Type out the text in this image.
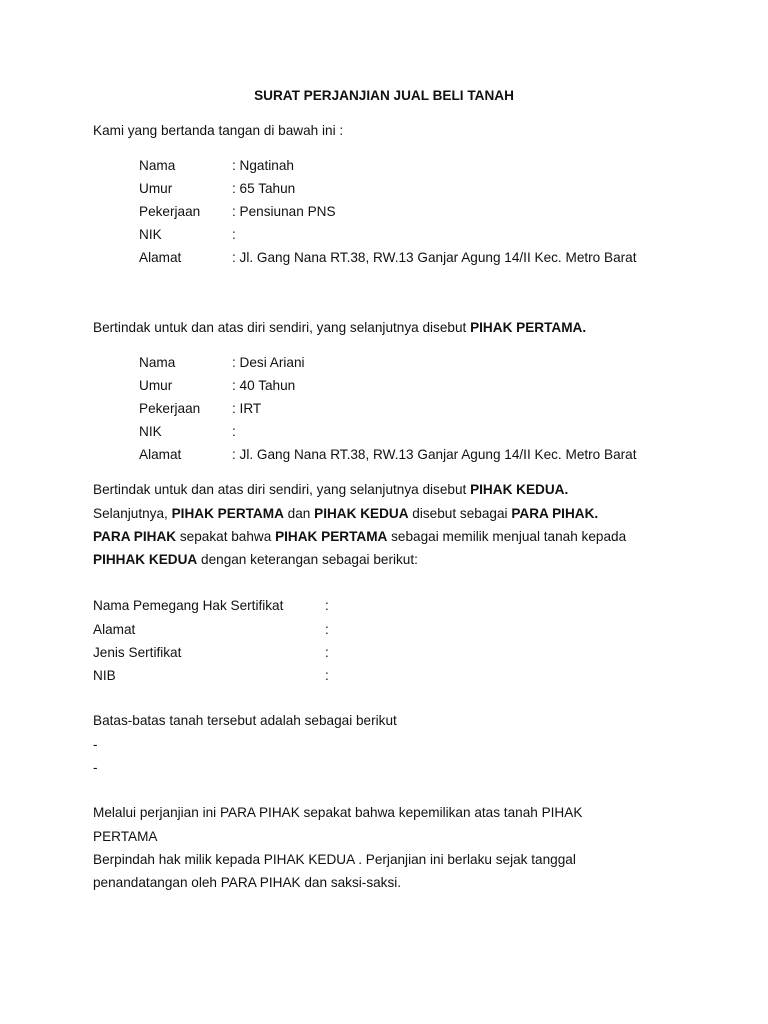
SURAT PERJANJIAN JUAL BELI TANAH
Kami yang bertanda tangan di bawah ini :
Nama	: Ngatinah
Umur	: 65 Tahun
Pekerjaan : Pensiunan PNS
NIK	:
Alamat	: Jl. Gang Nana RT.38, RW.13 Ganjar Agung 14/II Kec. Metro Barat
Bertindak untuk dan atas diri sendiri, yang selanjutnya disebut PIHAK PERTAMA.
Nama	: Desi Ariani
Umur	: 40 Tahun
Pekerjaan : IRT
NIK	:
Alamat	: Jl. Gang Nana RT.38, RW.13 Ganjar Agung 14/II Kec. Metro Barat
Bertindak untuk dan atas diri sendiri, yang selanjutnya disebut PIHAK KEDUA.
Selanjutnya, PIHAK PERTAMA dan PIHAK KEDUA disebut sebagai PARA PIHAK.
PARA PIHAK sepakat bahwa PIHAK PERTAMA sebagai memilik menjual tanah kepada
PIHHAK KEDUA dengan keterangan sebagai berikut:
Nama Pemegang Hak Sertifikat	:
Alamat	:
Jenis Sertifikat	:
NIB	:
Batas-batas tanah tersebut adalah sebagai berikut
-
-
Melalui perjanjian ini PARA PIHAK sepakat bahwa kepemilikan atas tanah PIHAK
PERTAMA
Berpindah hak milik kepada PIHAK KEDUA . Perjanjian ini berlaku sejak tanggal
penandatangan oleh PARA PIHAK dan saksi-saksi.
